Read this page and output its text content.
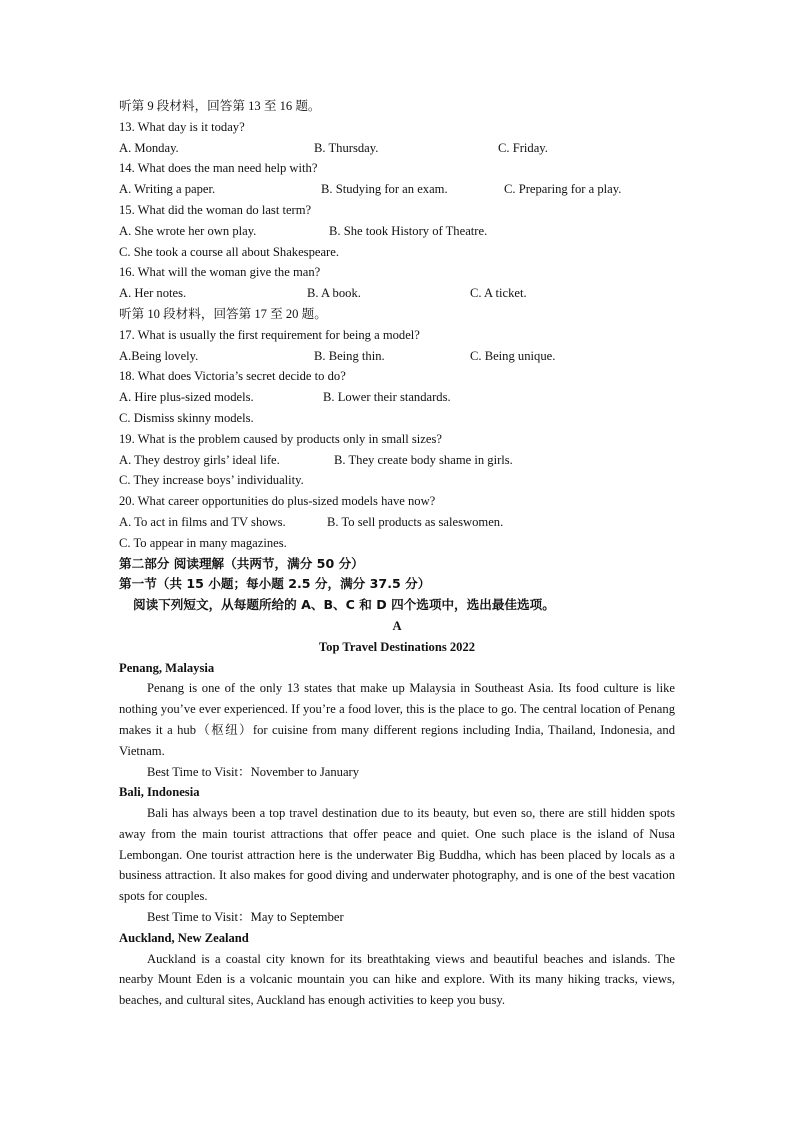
听第 9 段材料，回答第 13 至 16 题。
13. What day is it today?
A. Monday.	B. Thursday.	C. Friday.
14. What does the man need help with?
A. Writing a paper.	B. Studying for an exam.	C. Preparing for a play.
15. What did the woman do last term?
A. She wrote her own play.	B. She took History of Theatre.
C. She took a course all about Shakespeare.
16. What will the woman give the man?
A. Her notes.	B. A book.	C. A ticket.
听第 10 段材料，回答第 17 至 20 题。
17. What is usually the first requirement for being a model?
A.Being lovely.	B. Being thin.	C. Being unique.
18. What does Victoria’s secret decide to do?
A. Hire plus-sized models.	B. Lower their standards.
C. Dismiss skinny models.
19. What is the problem caused by products only in small sizes?
A. They destroy girls’ ideal life.	B. They create body shame in girls.
C. They increase boys’ individuality.
20. What career opportunities do plus-sized models have now?
A. To act in films and TV shows.	B. To sell products as saleswomen.
C. To appear in many magazines.
第二部分 阅读理解（共两节，满分 50 分）
第一节（共 15 小题；每小题 2.5 分，满分 37.5 分）
阅读下列短文，从每题所给的 A、B、C 和 D 四个选项中，选出最佳选项。
A
Top Travel Destinations 2022
Penang, Malaysia

Penang is one of the only 13 states that make up Malaysia in Southeast Asia. Its food culture is like nothing you’ve ever experienced. If you’re a food lover, this is the place to go. The central location of Penang makes it a hub（枢纽）for cuisine from many different regions including India, Thailand, Indonesia, and Vietnam.

Best Time to Visit：November to January
Bali, Indonesia

Bali has always been a top travel destination due to its beauty, but even so, there are still hidden spots away from the main tourist attractions that offer peace and quiet. One such place is the island of Nusa Lembongan. One tourist attraction here is the underwater Big Buddha, which has been placed by locals as a business attraction. It also makes for good diving and underwater photography, and is one of the best vacation spots for couples.

Best Time to Visit：May to September
Auckland, New Zealand

Auckland is a coastal city known for its breathtaking views and beautiful beaches and islands. The nearby Mount Eden is a volcanic mountain you can hike and explore. With its many hiking tracks, views, beaches, and cultural sites, Auckland has enough activities to keep you busy.
